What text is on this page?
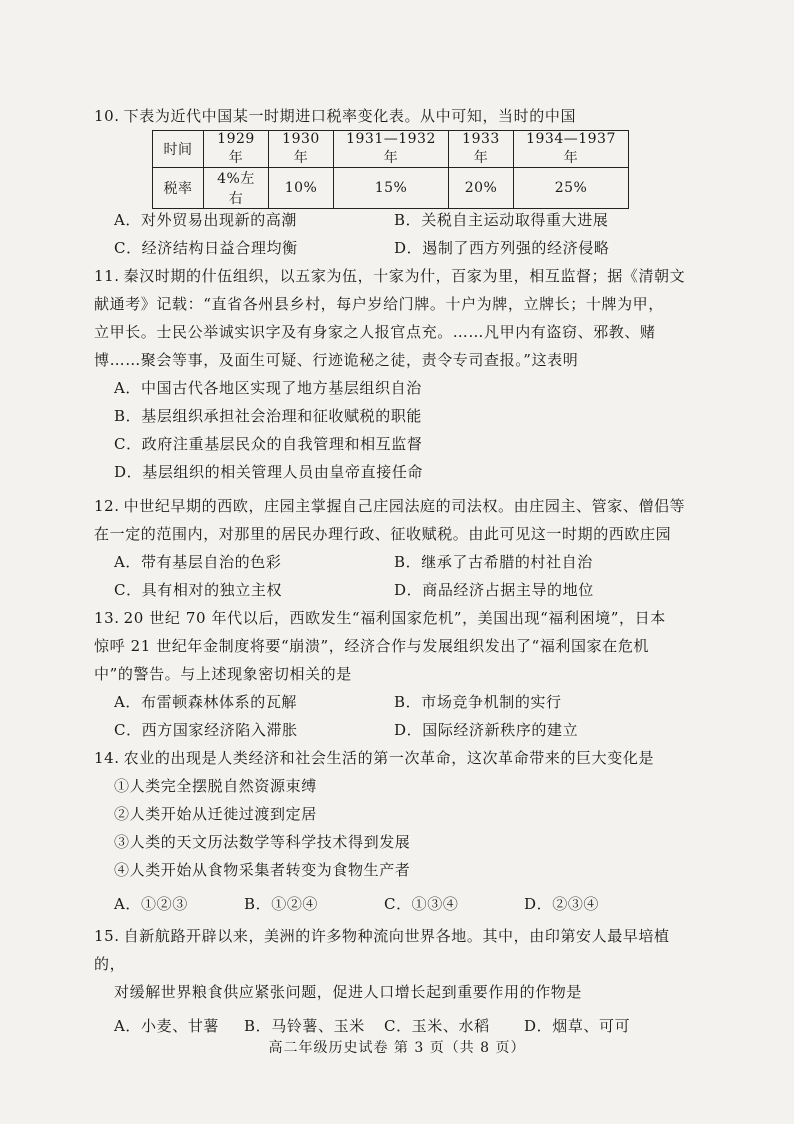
10. 下表为近代中国某一时期进口税率变化表。从中可知，当时的中国

时间	1929 年	1930 年	1931—1932 年	1933 年	1934—1937 年
税率	4%左右	10%	15%	20%	25%
A．对外贸易出现新的高潮	B．关税自主运动取得重大进展
C．经济结构日益合理均衡	D．遏制了西方列强的经济侵略

11. 秦汉时期的什伍组织，以五家为伍，十家为什，百家为里，相互监督；据《清朝文

献通考》记载：“直省各州县乡村，每户岁给门牌。十户为牌，立牌长；十牌为甲，

立甲长。士民公举诚实识字及有身家之人报官点充。……凡甲内有盗窃、邪教、赌

博……聚会等事，及面生可疑、行迹诡秘之徒，责令专司查报。”这表明

A．中国古代各地区实现了地方基层组织自治
B．基层组织承担社会治理和征收赋税的职能
C．政府注重基层民众的自我管理和相互监督
D．基层组织的相关管理人员由皇帝直接任命

12. 中世纪早期的西欧，庄园主掌握自己庄园法庭的司法权。由庄园主、管家、僧侣等

在一定的范围内，对那里的居民办理行政、征收赋税。由此可见这一时期的西欧庄园

A．带有基层自治的色彩	B．继承了古希腊的村社自治
C．具有相对的独立主权	D．商品经济占据主导的地位

13. 20 世纪 70 年代以后，西欧发生“福利国家危机”，美国出现“福利困境”，日本

惊呼 21 世纪年金制度将要“崩溃”，经济合作与发展组织发出了“福利国家在危机

中”的警告。与上述现象密切相关的是

A．布雷顿森林体系的瓦解	B．市场竞争机制的实行
C．西方国家经济陷入滞胀	D．国际经济新秩序的建立

14. 农业的出现是人类经济和社会生活的第一次革命，这次革命带来的巨大变化是

①人类完全摆脱自然资源束缚
②人类开始从迁徙过渡到定居
③人类的天文历法数学等科学技术得到发展
④人类开始从食物采集者转变为食物生产者
A．①②③	B．①②④	C．①③④	D．②③④

15. 自新航路开辟以来，美洲的许多物种流向世界各地。其中，由印第安人最早培植的，

对缓解世界粮食供应紧张问题，促进人口增长起到重要作用的作物是

A．小麦、甘薯	B．马铃薯、玉米	C．玉米、水稻	D．烟草、可可
高二年级历史试卷 第 3 页（共 8 页）
